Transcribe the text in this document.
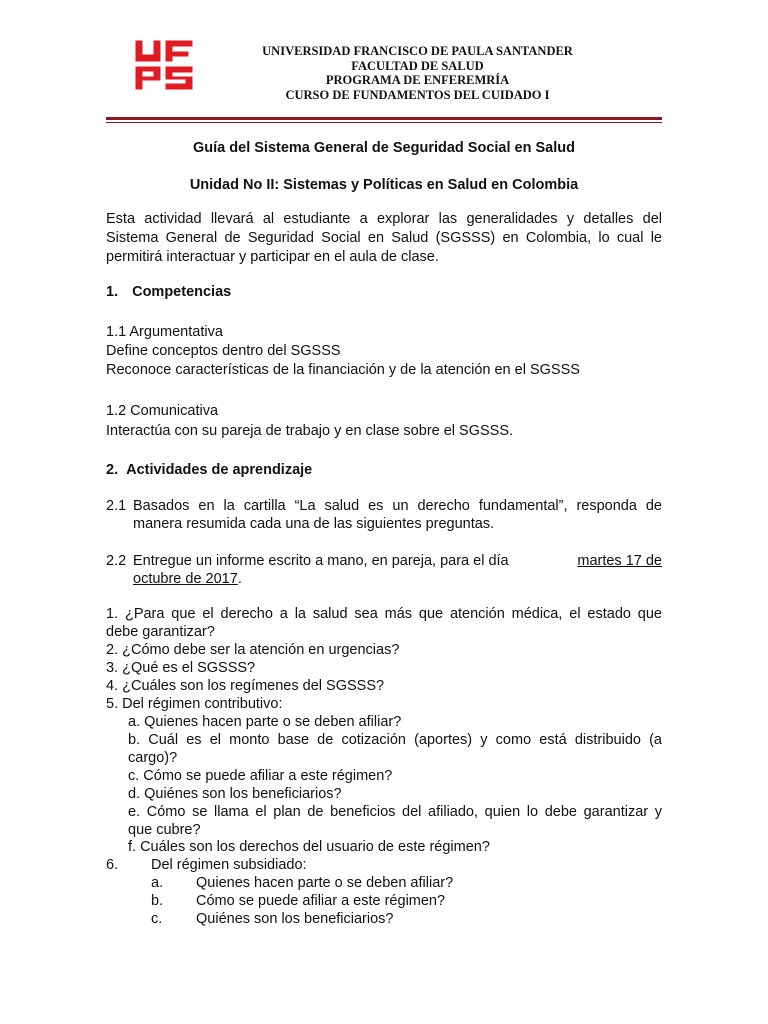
UNIVERSIDAD FRANCISCO DE PAULA SANTANDER
FACULTAD DE SALUD
PROGRAMA DE ENFEREMRÍA
CURSO DE FUNDAMENTOS DEL CUIDADO I
Guía del Sistema General de Seguridad Social en Salud
Unidad No II: Sistemas y Políticas en Salud en Colombia
Esta actividad llevará al estudiante a explorar las generalidades y detalles del
Sistema General de Seguridad Social en Salud (SGSSS) en Colombia, lo cual le
permitirá interactuar y participar en el aula de clase.
1. Competencias
1.1 Argumentativa
Define conceptos dentro del SGSSS
Reconoce características de la financiación y de la atención en el SGSSS
1.2 Comunicativa
Interactúa con su pareja de trabajo y en clase sobre el SGSSS.
2. Actividades de aprendizaje
2.1 Basados en la cartilla “La salud es un derecho fundamental”, responda de
manera resumida cada una de las siguientes preguntas.
2.2 Entregue un informe escrito a mano, en pareja, para el día	martes 17 de
octubre de 2017.
1. ¿Para que el derecho a la salud sea más que atención médica, el estado que
debe garantizar?
2. ¿Cómo debe ser la atención en urgencias?
3. ¿Qué es el SGSSS?
4. ¿Cuáles son los regímenes del SGSSS?
5. Del régimen contributivo:
a. Quienes hacen parte o se deben afiliar?
b. Cuál es el monto base de cotización (aportes) y como está distribuido (a
cargo)?
c. Cómo se puede afiliar a este régimen?
d. Quiénes son los beneficiarios?
e. Cómo se llama el plan de beneficios del afiliado, quien lo debe garantizar y
que cubre?
f. Cuáles son los derechos del usuario de este régimen?
6. Del régimen subsidiado:
a. Quienes hacen parte o se deben afiliar?
b. Cómo se puede afiliar a este régimen?
c. Quiénes son los beneficiarios?
